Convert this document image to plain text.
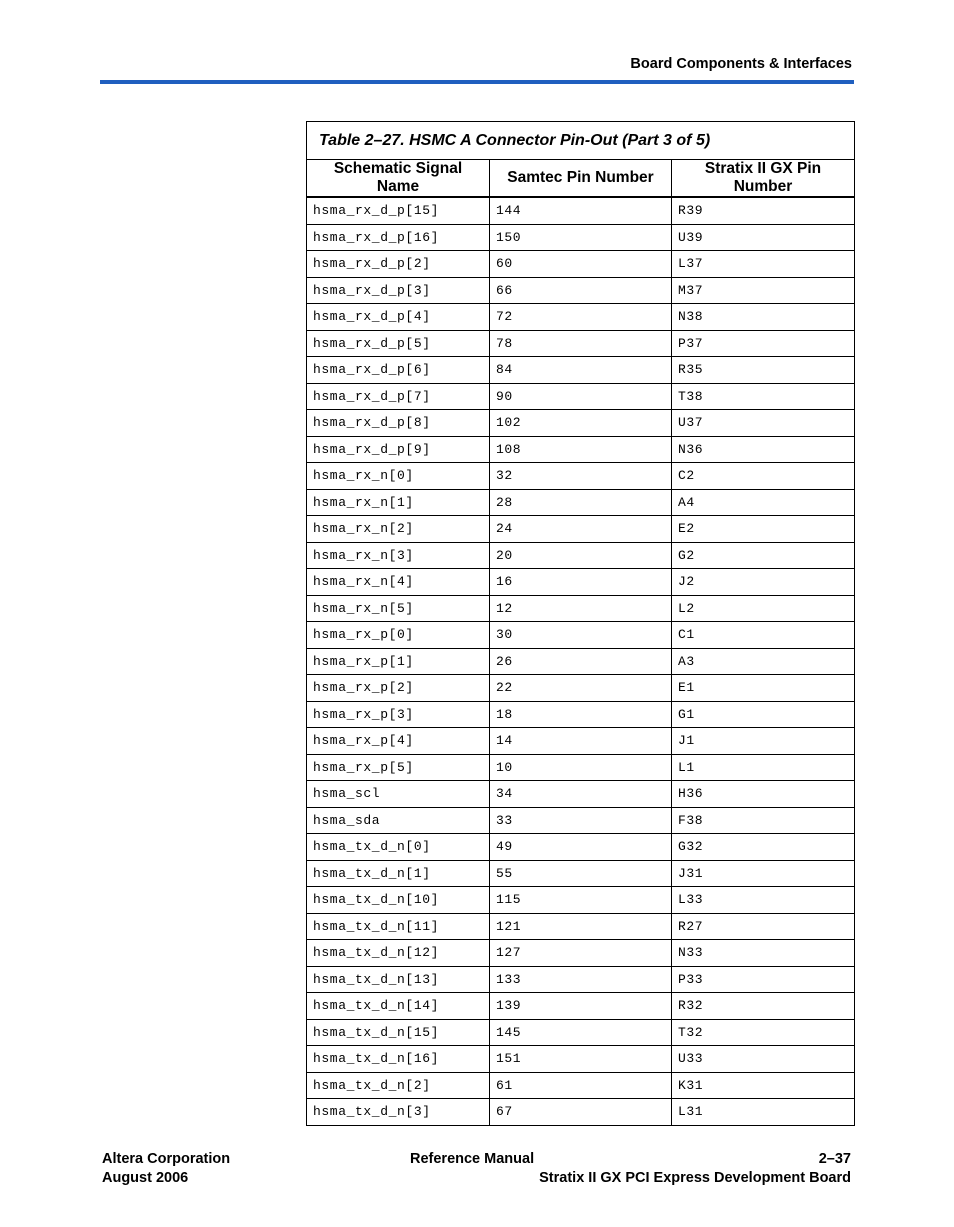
Board Components & Interfaces
Table 2–27. HSMC A Connector Pin-Out (Part 3 of 5)		
Schematic Signal Name	Samtec Pin Number	Stratix II GX Pin Number
hsma_rx_d_p[15]	144	R39
hsma_rx_d_p[16]	150	U39
hsma_rx_d_p[2]	60	L37
hsma_rx_d_p[3]	66	M37
hsma_rx_d_p[4]	72	N38
hsma_rx_d_p[5]	78	P37
hsma_rx_d_p[6]	84	R35
hsma_rx_d_p[7]	90	T38
hsma_rx_d_p[8]	102	U37
hsma_rx_d_p[9]	108	N36
hsma_rx_n[0]	32	C2
hsma_rx_n[1]	28	A4
hsma_rx_n[2]	24	E2
hsma_rx_n[3]	20	G2
hsma_rx_n[4]	16	J2
hsma_rx_n[5]	12	L2
hsma_rx_p[0]	30	C1
hsma_rx_p[1]	26	A3
hsma_rx_p[2]	22	E1
hsma_rx_p[3]	18	G1
hsma_rx_p[4]	14	J1
hsma_rx_p[5]	10	L1
hsma_scl	34	H36
hsma_sda	33	F38
hsma_tx_d_n[0]	49	G32
hsma_tx_d_n[1]	55	J31
hsma_tx_d_n[10]	115	L33
hsma_tx_d_n[11]	121	R27
hsma_tx_d_n[12]	127	N33
hsma_tx_d_n[13]	133	P33
hsma_tx_d_n[14]	139	R32
hsma_tx_d_n[15]	145	T32
hsma_tx_d_n[16]	151	U33
hsma_tx_d_n[2]	61	K31
hsma_tx_d_n[3]	67	L31
Altera Corporation
August 2006
Reference Manual	2–37
Stratix II GX PCI Express Development Board
